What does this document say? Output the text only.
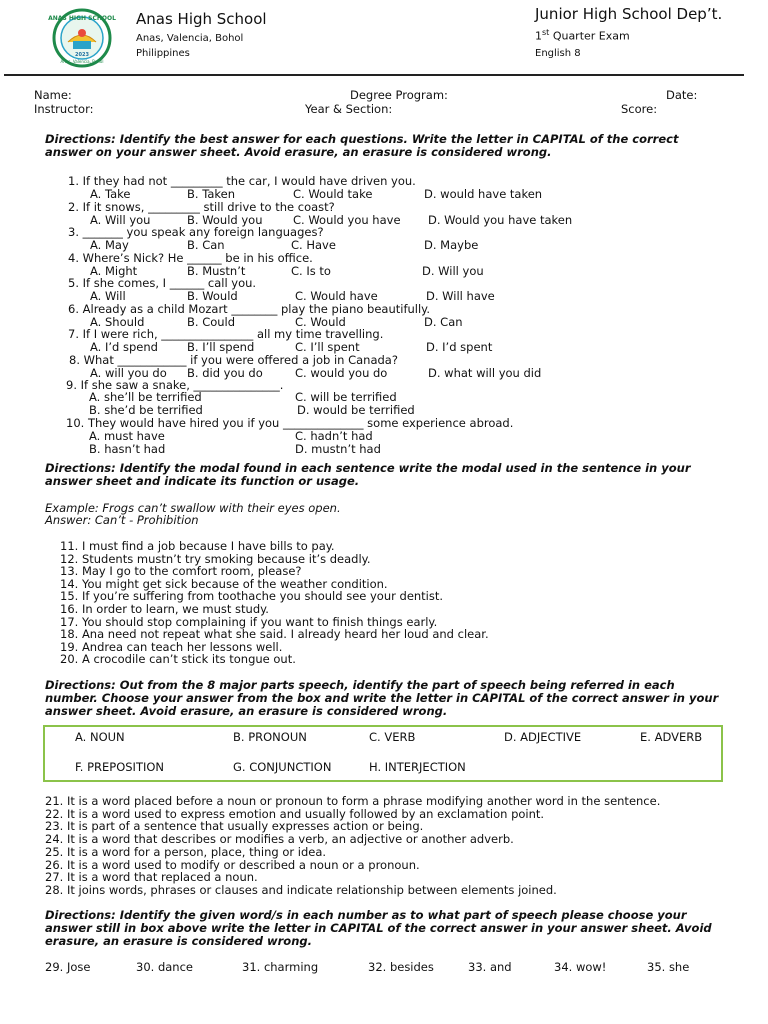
ANAS HIGH SCHOOL
2023
Anas, Valencia, Bohol
Anas High School
Anas, Valencia, Bohol
Philippines
Junior High School Dep’t.
1st Quarter Exam
English 8
Name:	Degree Program:	Date:
Instructor:	Year & Section:	Score:
Directions: Identify the best answer for each questions. Write the letter in CAPITAL of the correct answer on your answer sheet. Avoid erasure, an erasure is considered wrong.
1. If they had not _________ the car, I would have driven you.
A. Take	B. Taken	C. Would take	D. would have taken
2. If it snows, _________ still drive to the coast?
A. Will you	B. Would you	C. Would you have D. Would you have taken
3. _______ you speak any foreign languages?
A. May	B. Can	C. Have	D. Maybe
4. Where’s Nick? He ______ be in his office.
A. Might	B. Mustn’t	C. Is to	D. Will you
5. If she comes, I ______ call you.
A. Will	B. Would	C. Would have	D. Will have
6. Already as a child Mozart ________ play the piano beautifully.
A. Should	B. Could	C. Would	D. Can
7. If I were rich, ________________ all my time travelling.
A. I’d spend	B. I’ll spend	C. I’ll spent	D. I’d spent
8. What ____________ if you were offered a job in Canada?
A. will you do B. did you do	C. would you do	D. what will you did
9. If she saw a snake, _______________.
A. she’ll be terrified	C. will be terrified
B. she’d be terrified	D. would be terrified
10. They would have hired you if you ______________ some experience abroad.
A. must have	C. hadn’t had
B. hasn’t had	D. mustn’t had
Directions: Identify the modal found in each sentence write the modal used in the sentence in your answer sheet and indicate its function or usage.
Example: Frogs can’t swallow with their eyes open.
Answer: Can’t - Prohibition
11. I must find a job because I have bills to pay.
12. Students mustn’t try smoking because it’s deadly.
13. May I go to the comfort room, please?
14. You might get sick because of the weather condition.
15. If you’re suffering from toothache you should see your dentist.
16. In order to learn, we must study.
17. You should stop complaining if you want to finish things early.
18. Ana need not repeat what she said. I already heard her loud and clear.
19. Andrea can teach her lessons well.
20. A crocodile can’t stick its tongue out.
Directions: Out from the 8 major parts speech, identify the part of speech being referred in each number. Choose your answer from the box and write the letter in CAPITAL of the correct answer in your answer sheet. Avoid erasure, an erasure is considered wrong.
A. NOUN	B. PRONOUN	C. VERB	D. ADJECTIVE	E. ADVERB
F. PREPOSITION	G. CONJUNCTION	H. INTERJECTION
21. It is a word placed before a noun or pronoun to form a phrase modifying another word in the sentence.
22. It is a word used to express emotion and usually followed by an exclamation point.
23. It is part of a sentence that usually expresses action or being.
24. It is a word that describes or modifies a verb, an adjective or another adverb.
25. It is a word for a person, place, thing or idea.
26. It is a word used to modify or described a noun or a pronoun.
27. It is a word that replaced a noun.
28. It joins words, phrases or clauses and indicate relationship between elements joined.
Directions: Identify the given word/s in each number as to what part of speech please choose your answer still in box above write the letter in CAPITAL of the correct answer in your answer sheet. Avoid erasure, an erasure is considered wrong.
29. Jose	30. dance	31. charming	32. besides	33. and	34. wow!	35. she
